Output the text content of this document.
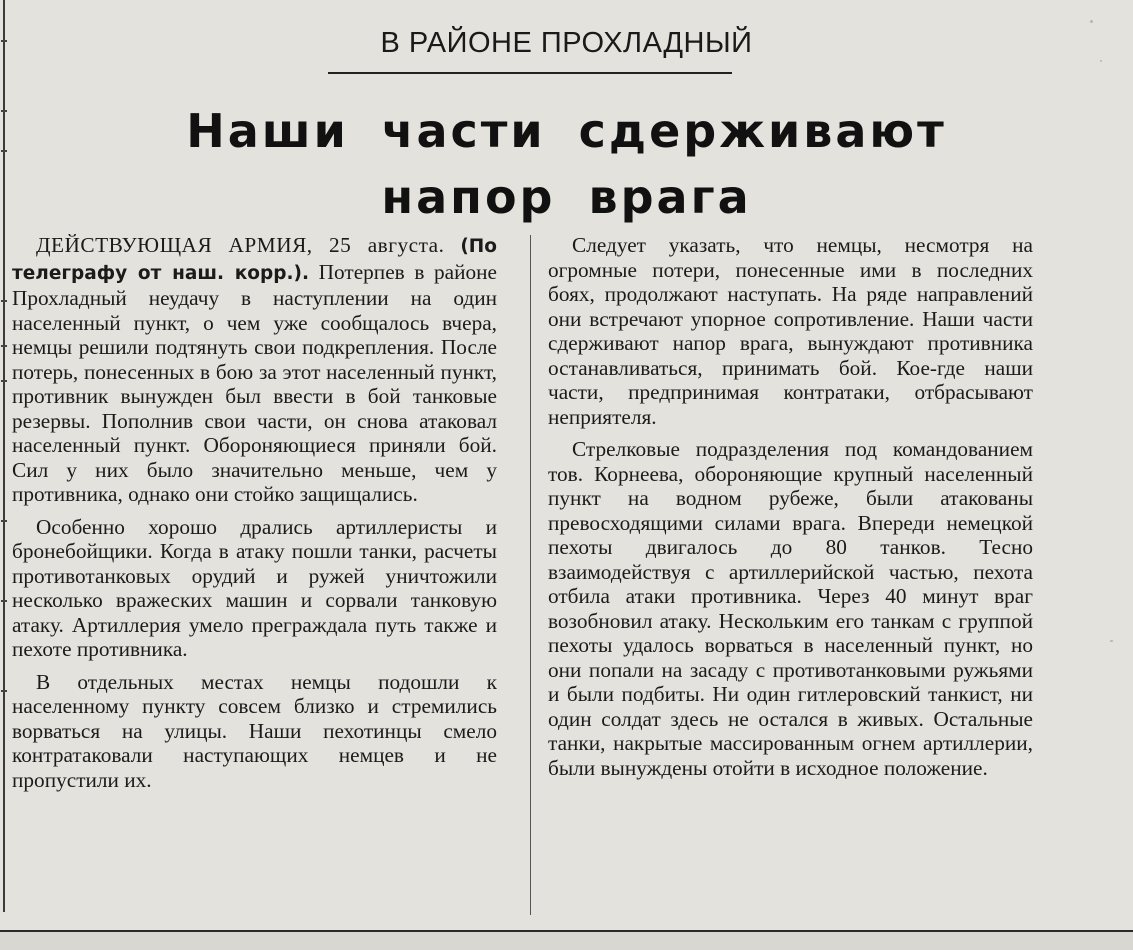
В РАЙОНЕ ПРОХЛАДНЫЙ
Наши части сдерживают
напор врага

ДЕЙСТВУЮЩАЯ АРМИЯ, 25 августа. (По телеграфу от наш. корр.). Потерпев в районе Прохладный неудачу в наступлении на один населенный пункт, о чем уже сообщалось вчера, немцы решили подтянуть свои подкрепления. После потерь, понесенных в бою за этот населенный пункт, противник вынужден был ввести в бой танковые резервы. Пополнив свои части, он снова атаковал населенный пункт. Обороняющиеся приняли бой. Сил у них было значительно меньше, чем у противника, однако они стойко защищались.

Особенно хорошо дрались артиллеристы и бронебойщики. Когда в атаку пошли танки, расчеты противотанковых орудий и ружей уничтожили несколько вражеских машин и сорвали танковую атаку. Артиллерия умело преграждала путь также и пехоте противника.

В отдельных местах немцы подошли к населенному пункту совсем близко и стремились ворваться на улицы. Наши пехотинцы смело контратаковали наступающих немцев и не пропустили их.

Следует указать, что немцы, несмотря на огромные потери, понесенные ими в последних боях, продолжают наступать. На ряде направлений они встречают упорное сопротивление. Наши части сдерживают напор врага, вынуждают противника останавливаться, принимать бой. Кое-где наши части, предпринимая контратаки, отбрасывают неприятеля.

Стрелковые подразделения под командованием тов. Корнеева, обороняющие крупный населенный пункт на водном рубеже, были атакованы превосходящими силами врага. Впереди немецкой пехоты двигалось до 80 танков. Тесно взаимодействуя с артиллерийской частью, пехота отбила атаки противника. Через 40 минут враг возобновил атаку. Нескольким его танкам с группой пехоты удалось ворваться в населенный пункт, но они попали на засаду с противотанковыми ружьями и были подбиты. Ни один гитлеровский танкист, ни один солдат здесь не остался в живых. Остальные танки, накрытые массированным огнем артиллерии, были вынуждены отойти в исходное положение.
